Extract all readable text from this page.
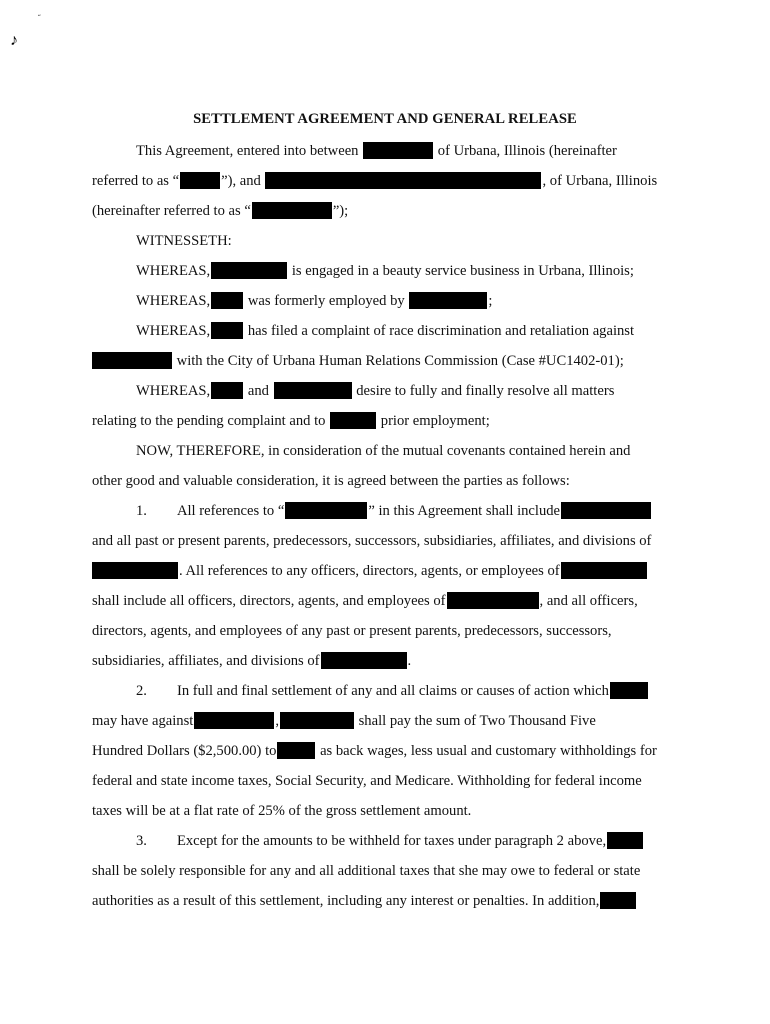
˶
♪
SETTLEMENT AGREEMENT AND GENERAL RELEASE
This Agreement, entered into between	of Urbana, Illinois (hereinafter
referred to as “	”), and	, of Urbana, Illinois
(hereinafter referred to as “	”);
WITNESSETH:
WHEREAS,	is engaged in a beauty service business in Urbana, Illinois;
WHEREAS,	was formerly employed by	;
WHEREAS,	has filed a complaint of race discrimination and retaliation against
with the City of Urbana Human Relations Commission (Case #UC1402-01);
WHEREAS,	and	desire to fully and finally resolve all matters
relating to the pending complaint and to	prior employment;
NOW, THEREFORE, in consideration of the mutual covenants contained herein and
other good and valuable consideration, it is agreed between the parties as follows:
1. All references to “	” in this Agreement shall include
and all past or present parents, predecessors, successors, subsidiaries, affiliates, and divisions of
. All references to any officers, directors, agents, or employees of
shall include all officers, directors, agents, and employees of	, and all officers,
directors, agents, and employees of any past or present parents, predecessors, successors,
subsidiaries, affiliates, and divisions of	.
2. In full and final settlement of any and all claims or causes of action which
may have against	,	shall pay the sum of Two Thousand Five
Hundred Dollars ($2,500.00) to	as back wages, less usual and customary withholdings for
federal and state income taxes, Social Security, and Medicare. Withholding for federal income
taxes will be at a flat rate of 25% of the gross settlement amount.
3. Except for the amounts to be withheld for taxes under paragraph 2 above,
shall be solely responsible for any and all additional taxes that she may owe to federal or state
authorities as a result of this settlement, including any interest or penalties. In addition,
